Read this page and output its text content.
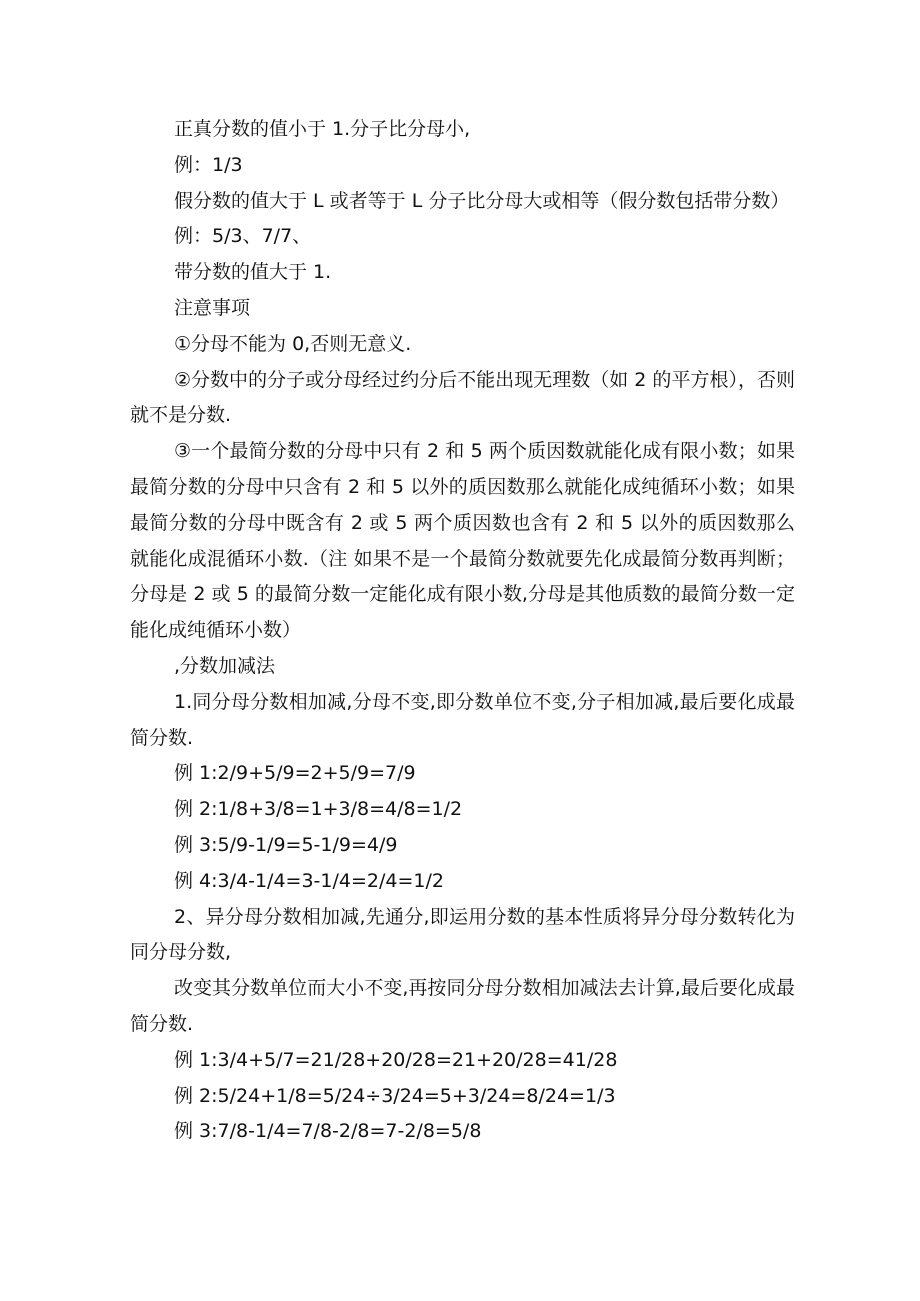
正真分数的值小于 1.分子比分母小,

例：1/3

假分数的值大于 L 或者等于 L 分子比分母大或相等（假分数包括带分数）

例：5/3、7/7、

带分数的值大于 1.

注意事项

①分母不能为 0,否则无意义.

②分数中的分子或分母经过约分后不能出现无理数（如 2 的平方根），否则就不是分数.

③一个最简分数的分母中只有 2 和 5 两个质因数就能化成有限小数；如果最简分数的分母中只含有 2 和 5 以外的质因数那么就能化成纯循环小数；如果最简分数的分母中既含有 2 或 5 两个质因数也含有 2 和 5 以外的质因数那么就能化成混循环小数.（注 如果不是一个最简分数就要先化成最简分数再判断；分母是 2 或 5 的最简分数一定能化成有限小数,分母是其他质数的最简分数一定能化成纯循环小数）

,分数加减法

1.同分母分数相加减,分母不变,即分数单位不变,分子相加减,最后要化成最简分数.

例 1:2/9+5/9=2+5/9=7/9

例 2:1/8+3/8=1+3/8=4/8=1/2

例 3:5/9-1/9=5-1/9=4/9

例 4:3/4-1/4=3-1/4=2/4=1/2

2、异分母分数相加减,先通分,即运用分数的基本性质将异分母分数转化为同分母分数,

改变其分数单位而大小不变,再按同分母分数相加减法去计算,最后要化成最简分数.

例 1:3/4+5/7=21/28+20/28=21+20/28=41/28

例 2:5/24+1/8=5/24÷3/24=5+3/24=8/24=1/3

例 3:7/8-1/4=7/8-2/8=7-2/8=5/8
